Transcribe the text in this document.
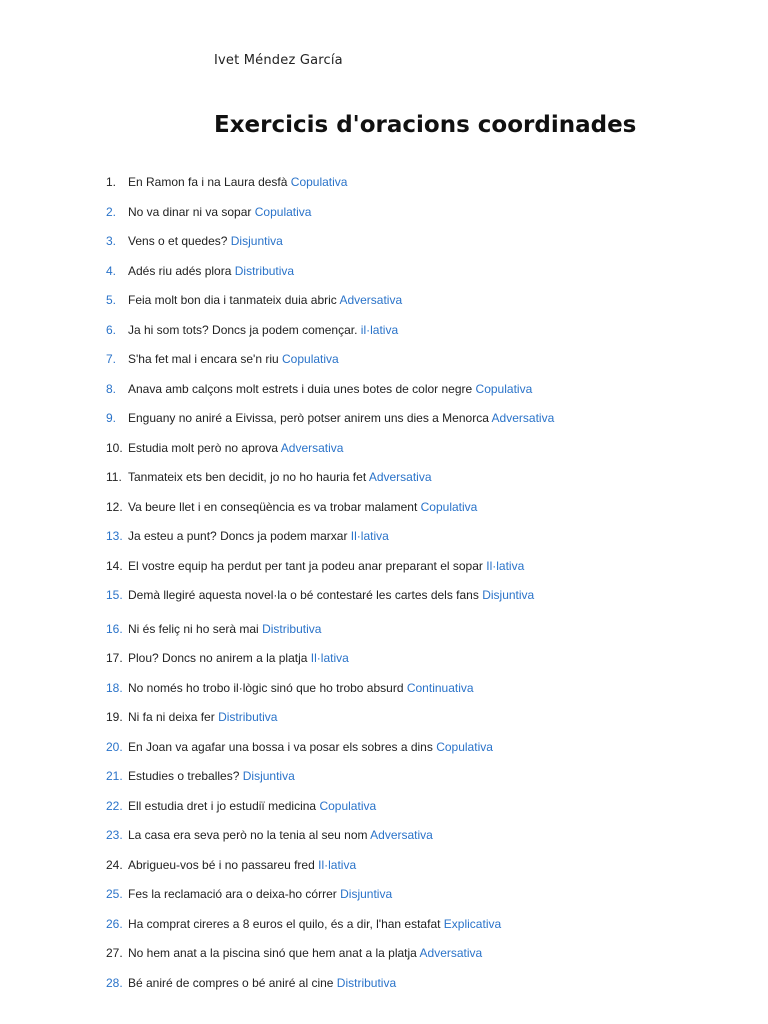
Ivet Méndez García
Exercicis d'oracions coordinades
1. En Ramon fa i na Laura desfà Copulativa
2. No va dinar ni va sopar Copulativa
3. Vens o et quedes? Disjuntiva
4. Adés riu adés plora Distributiva
5. Feia molt bon dia i tanmateix duia abric Adversativa
6. Ja hi som tots? Doncs ja podem començar. il·lativa
7. S'ha fet mal i encara se'n riu Copulativa
8. Anava amb calçons molt estrets i duia unes botes de color negre Copulativa
9. Enguany no aniré a Eivissa, però potser anirem uns dies a Menorca Adversativa
10. Estudia molt però no aprova Adversativa
11. Tanmateix ets ben decidit, jo no ho hauria fet Adversativa
12. Va beure llet i en conseqüència es va trobar malament Copulativa
13. Ja esteu a punt? Doncs ja podem marxar Il·lativa
14. El vostre equip ha perdut per tant ja podeu anar preparant el sopar Il·lativa
15. Demà llegiré aquesta novel·la o bé contestaré les cartes dels fans Disjuntiva
16. Ni és feliç ni ho serà mai Distributiva
17. Plou? Doncs no anirem a la platja Il·lativa
18. No només ho trobo il·lògic sinó que ho trobo absurd Continuativa
19. Ni fa ni deixa fer Distributiva
20. En Joan va agafar una bossa i va posar els sobres a dins Copulativa
21. Estudies o treballes? Disjuntiva
22. Ell estudia dret i jo estudiï medicina Copulativa
23. La casa era seva però no la tenia al seu nom Adversativa
24. Abrigueu-vos bé i no passareu fred Il·lativa
25. Fes la reclamació ara o deixa-ho córrer Disjuntiva
26. Ha comprat cireres a 8 euros el quilo, és a dir, l'han estafat Explicativa
27. No hem anat a la piscina sinó que hem anat a la platja Adversativa
28. Bé aniré de compres o bé aniré al cine Distributiva
